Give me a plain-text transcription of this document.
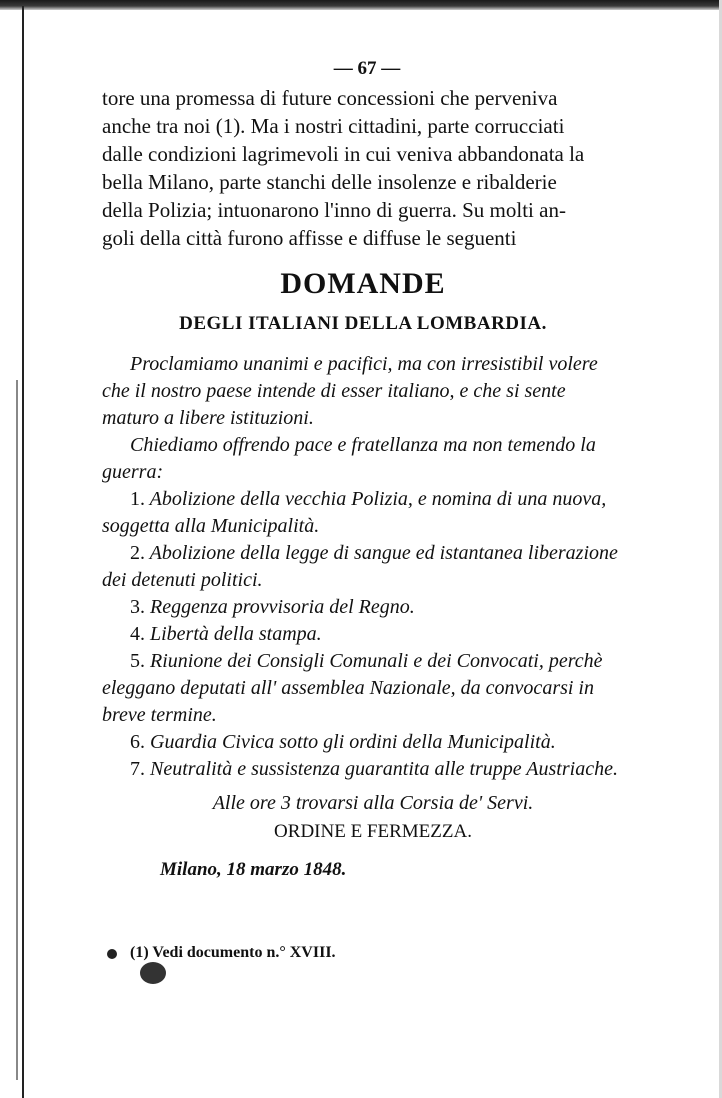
— 67 —
tore una promessa di future concessioni che perveniva
anche tra noi (1). Ma i nostri cittadini, parte corrucciati
dalle condizioni lagrimevoli in cui veniva abbandonata la
bella Milano, parte stanchi delle insolenze e ribalderie
della Polizia; intuonarono l'inno di guerra. Su molti an-
goli della città furono affisse e diffuse le seguenti
DOMANDE
DEGLI ITALIANI DELLA LOMBARDIA.

Proclamiamo unanimi e pacifici, ma con irresistibil volere che il nostro paese intende di esser italiano, e che si sente maturo a libere istituzioni.

Chiediamo offrendo pace e fratellanza ma non temendo la guerra:

1. Abolizione della vecchia Polizia, e nomina di una nuova, soggetta alla Municipalità.

2. Abolizione della legge di sangue ed istantanea liberazione dei detenuti politici.

3. Reggenza provvisoria del Regno.

4. Libertà della stampa.

5. Riunione dei Consigli Comunali e dei Convocati, perchè eleggano deputati all' assemblea Nazionale, da convocarsi in breve termine.

6. Guardia Civica sotto gli ordini della Municipalità.

7. Neutralità e sussistenza guarantita alle truppe Austriache.

Alle ore 3 trovarsi alla Corsia de' Servi.
ORDINE E FERMEZZA.
Milano, 18 marzo 1848.
(1) Vedi documento n.° XVIII.
